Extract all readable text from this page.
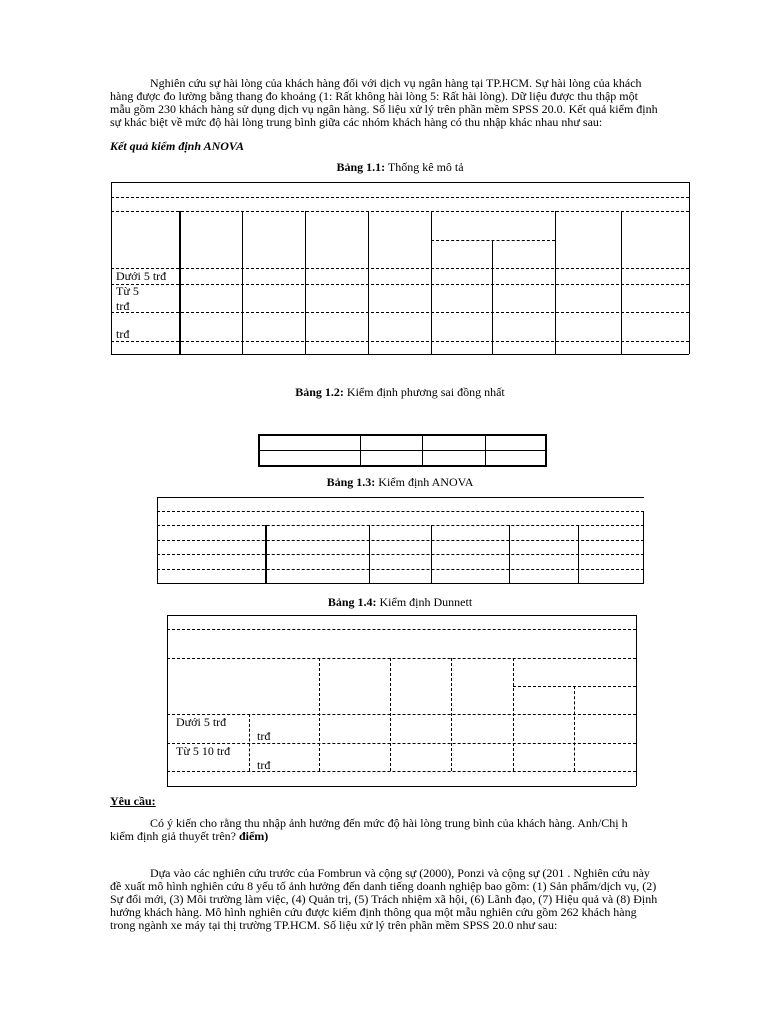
Nghiên cứu sự hài lòng của khách hàng đối với dịch vụ ngân hàng tại TP.HCM. Sự hài lòng của khách
hàng được đo lường bằng thang đo khoảng (1: Rất không hài lòng 5: Rất hài lòng). Dữ liệu được thu thập một
mẫu gồm 230 khách hàng sử dụng dịch vụ ngân hàng. Số liệu xử lý trên phần mềm SPSS 20.0. Kết quả kiểm định
sự khác biệt về mức độ hài lòng trung bình giữa các nhóm khách hàng có thu nhập khác nhau như sau:
Kết quả kiểm định ANOVA
Bảng 1.1: Thống kê mô tả
Dưới 5 trđ
Từ 5
trđ
trđ
Bảng 1.2: Kiểm định phương sai đồng nhất
Bảng 1.3: Kiểm định ANOVA
Bảng 1.4: Kiểm định Dunnett
Dưới 5 trđ
trđ
Từ 5 10 trđ
trđ
Yêu cầu:
Có ý kiến cho rằng thu nhập ảnh hưởng đến mức độ hài lòng trung bình của khách hàng. Anh/Chị h
kiểm định giả thuyết trên? điểm)
Dựa vào các nghiên cứu trước của Fombrun và cộng sự (2000), Ponzi và cộng sự (201 . Nghiên cứu này
đề xuất mô hình nghiên cứu 8 yếu tố ảnh hưởng đến danh tiếng doanh nghiệp bao gồm: (1) Sản phẩm/dịch vụ, (2)
Sự đổi mới, (3) Môi trường làm việc, (4) Quản trị, (5) Trách nhiệm xã hội, (6) Lãnh đạo, (7) Hiệu quả và (8) Định
hướng khách hàng. Mô hình nghiên cứu được kiểm định thông qua một mẫu nghiên cứu gồm 262 khách hàng
trong ngành xe máy tại thị trường TP.HCM. Số liệu xử lý trên phần mềm SPSS 20.0 như sau:
